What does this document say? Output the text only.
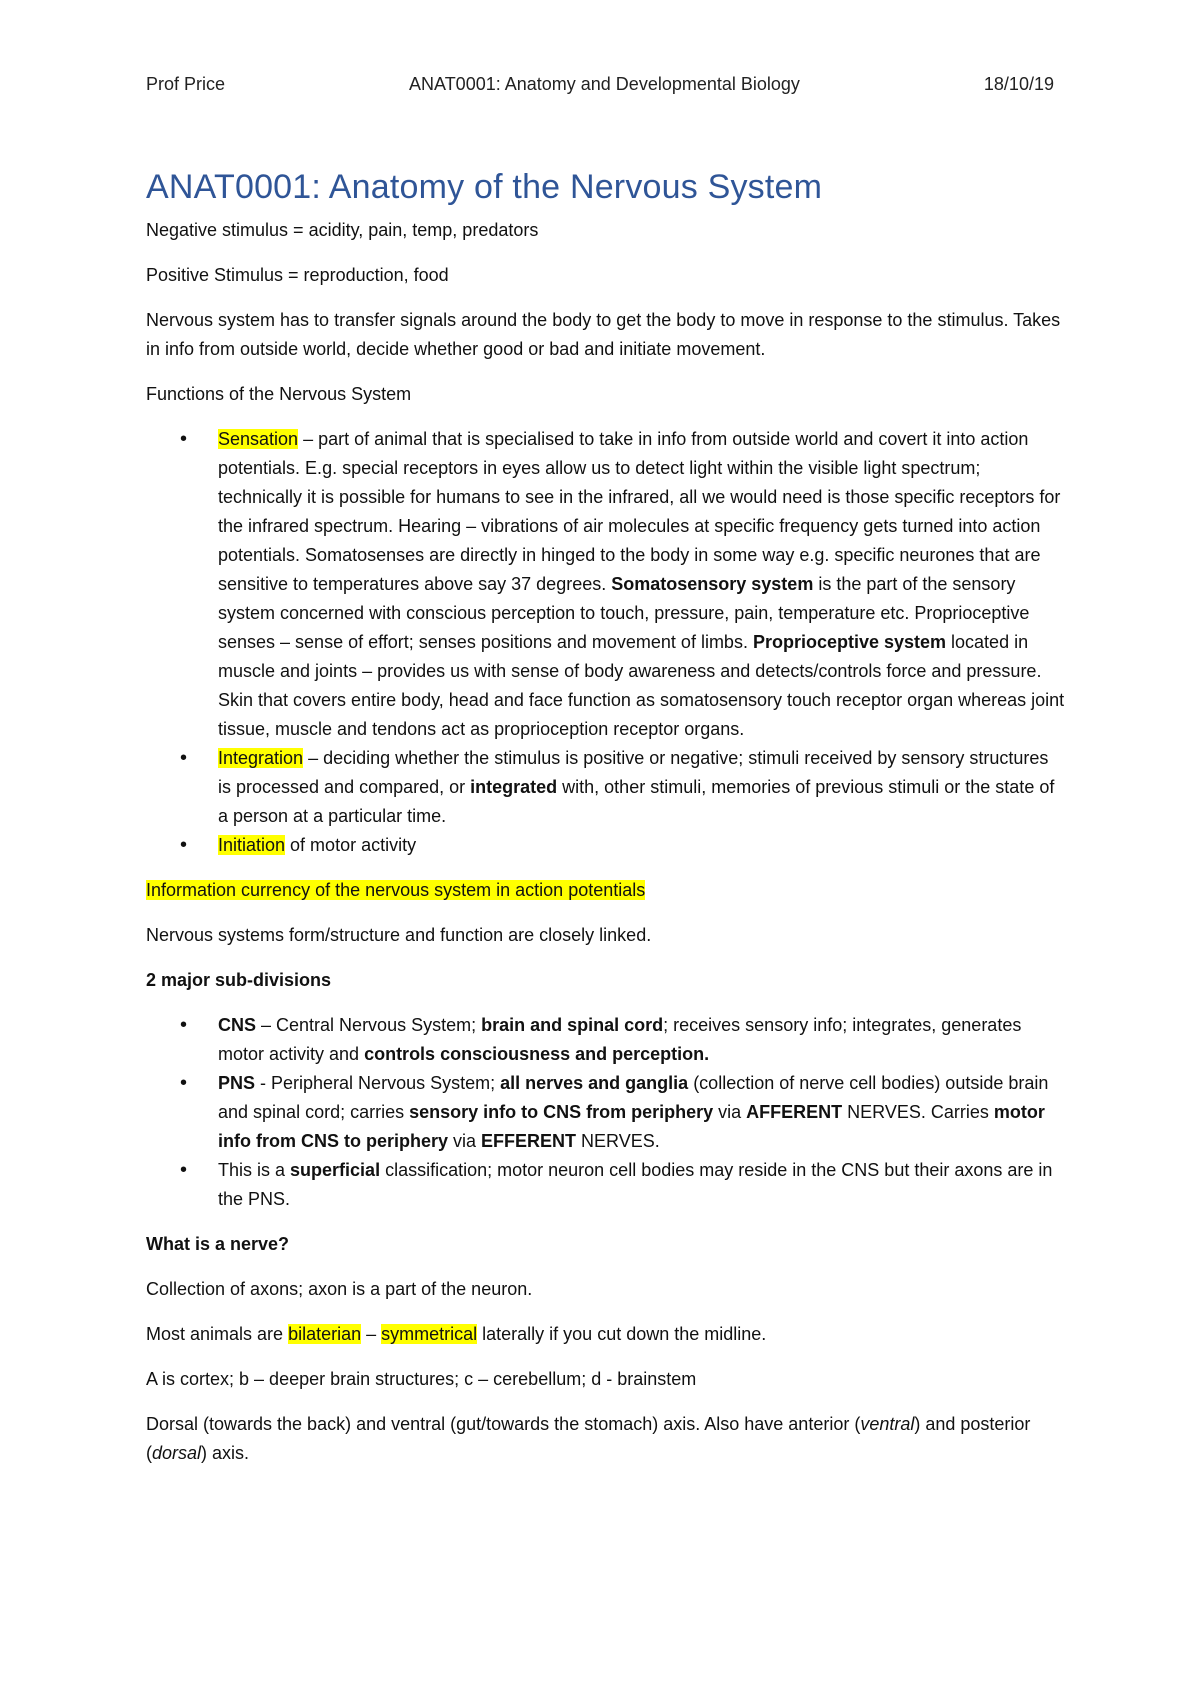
Prof Price	ANAT0001: Anatomy and Developmental Biology	18/10/19
ANAT0001: Anatomy of the Nervous System

Negative stimulus = acidity, pain, temp, predators

Positive Stimulus = reproduction, food

Nervous system has to transfer signals around the body to get the body to move in response to the stimulus. Takes in info from outside world, decide whether good or bad and initiate movement.

Functions of the Nervous System

• Sensation – part of animal that is specialised to take in info from outside world and covert it into action potentials. E.g. special receptors in eyes allow us to detect light within the visible light spectrum; technically it is possible for humans to see in the infrared, all we would need is those specific receptors for the infrared spectrum. Hearing – vibrations of air molecules at specific frequency gets turned into action potentials. Somatosenses are directly in hinged to the body in some way e.g. specific neurones that are sensitive to temperatures above say 37 degrees. Somatosensory system is the part of the sensory system concerned with conscious perception to touch, pressure, pain, temperature etc. Proprioceptive senses – sense of effort; senses positions and movement of limbs. Proprioceptive system located in muscle and joints – provides us with sense of body awareness and detects/controls force and pressure. Skin that covers entire body, head and face function as somatosensory touch receptor organ whereas joint tissue, muscle and tendons act as proprioception receptor organs.
• Integration – deciding whether the stimulus is positive or negative; stimuli received by sensory structures is processed and compared, or integrated with, other stimuli, memories of previous stimuli or the state of a person at a particular time.
• Initiation of motor activity

Information currency of the nervous system in action potentials

Nervous systems form/structure and function are closely linked.

2 major sub-divisions

• CNS – Central Nervous System; brain and spinal cord; receives sensory info; integrates, generates motor activity and controls consciousness and perception.
• PNS - Peripheral Nervous System; all nerves and ganglia (collection of nerve cell bodies) outside brain and spinal cord; carries sensory info to CNS from periphery via AFFERENT NERVES. Carries motor info from CNS to periphery via EFFERENT NERVES.
• This is a superficial classification; motor neuron cell bodies may reside in the CNS but their axons are in the PNS.

What is a nerve?

Collection of axons; axon is a part of the neuron.

Most animals are bilaterian – symmetrical laterally if you cut down the midline.

A is cortex; b – deeper brain structures; c – cerebellum; d - brainstem

Dorsal (towards the back) and ventral (gut/towards the stomach) axis. Also have anterior (ventral) and posterior (dorsal) axis.
